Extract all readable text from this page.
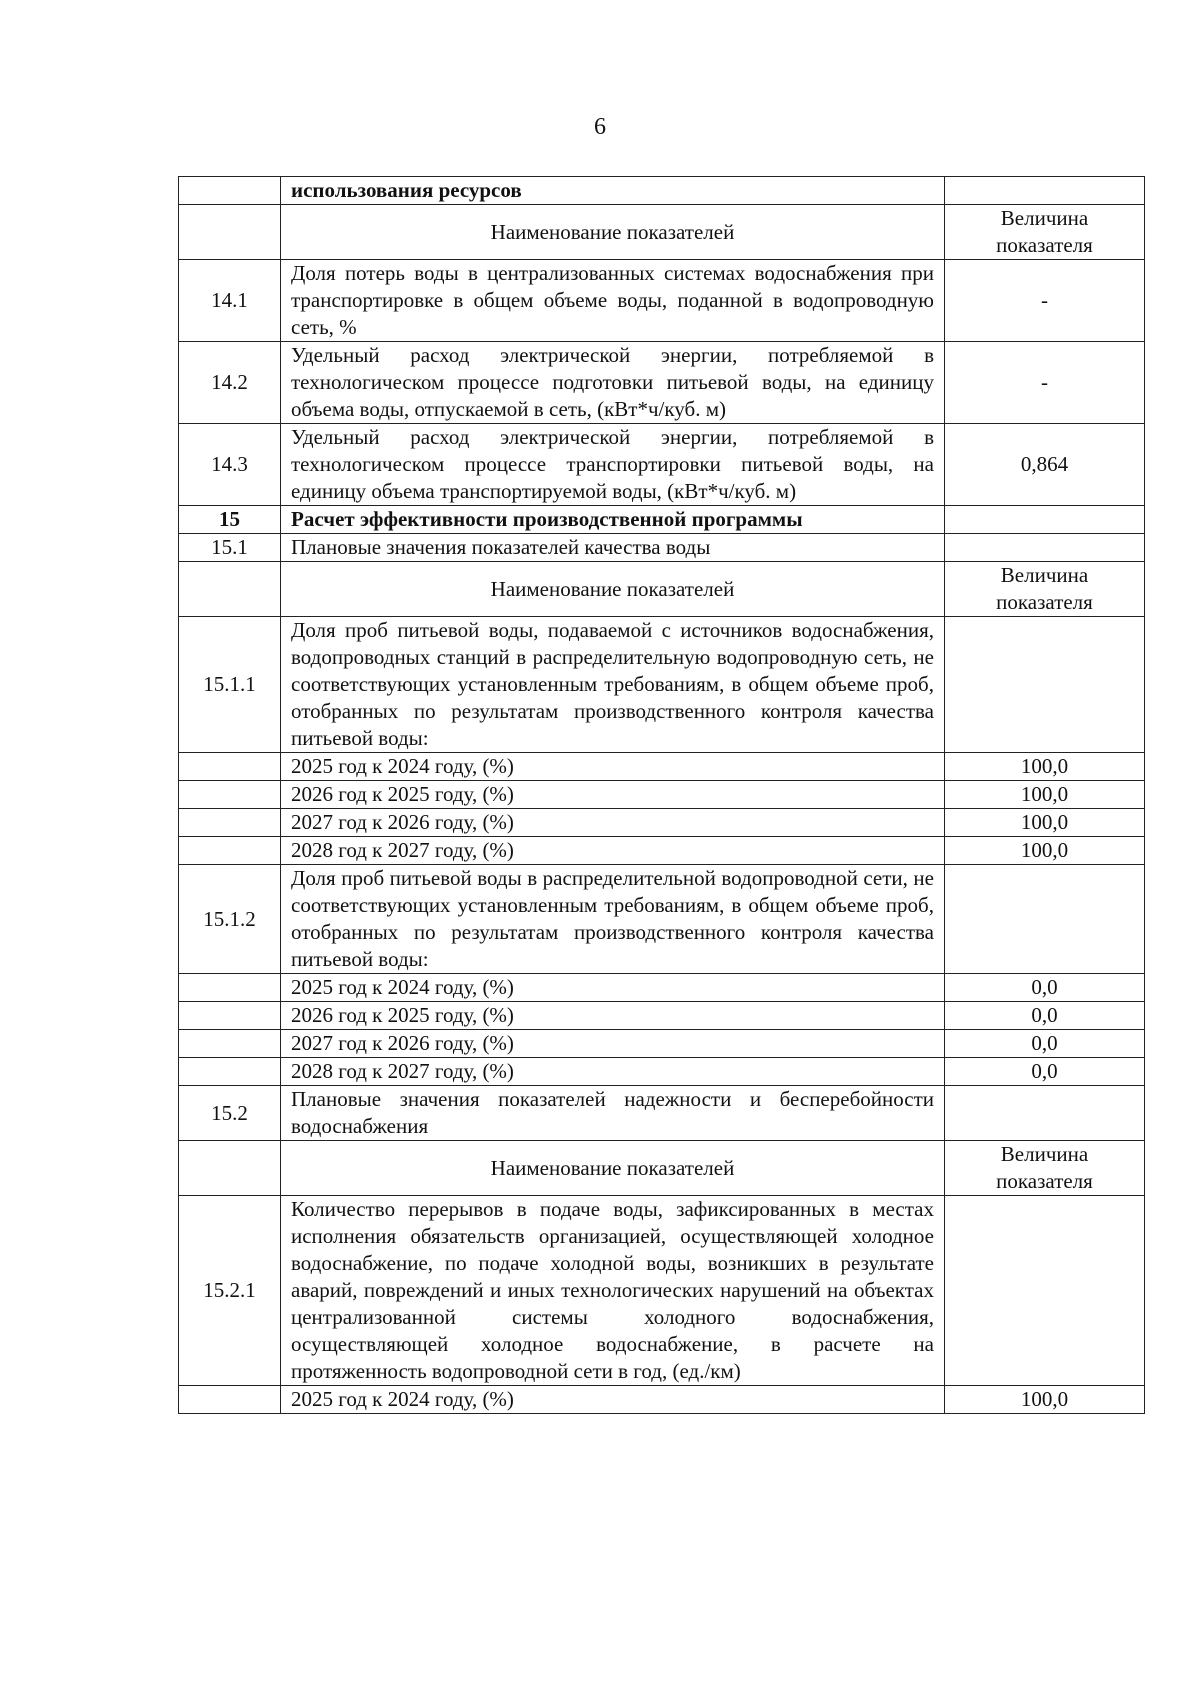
6
	использования ресурсов	
	Наименование показателей	Величина показателя
14.1	Доля потерь воды в централизованных системах водоснабжения при транспортировке в общем объеме воды, поданной в водопроводную сеть, %	-
14.2	Удельный расход электрической энергии, потребляемой в технологическом процессе подготовки питьевой воды, на единицу объема воды, отпускаемой в сеть, (кВт*ч/куб. м)	-
14.3	Удельный расход электрической энергии, потребляемой в технологическом процессе транспортировки питьевой воды, на единицу объема транспортируемой воды, (кВт*ч/куб. м)	0,864
15	Расчет эффективности производственной программы	
15.1	Плановые значения показателей качества воды	
	Наименование показателей	Величина показателя
15.1.1	Доля проб питьевой воды, подаваемой с источников водоснабжения, водопроводных станций в распределительную водопроводную сеть, не соответствующих установленным требованиям, в общем объеме проб, отобранных по результатам производственного контроля качества питьевой воды:	
	2025 год к 2024 году, (%)	100,0
	2026 год к 2025 году, (%)	100,0
	2027 год к 2026 году, (%)	100,0
	2028 год к 2027 году, (%)	100,0
15.1.2	Доля проб питьевой воды в распределительной водопроводной сети, не соответствующих установленным требованиям, в общем объеме проб, отобранных по результатам производственного контроля качества питьевой воды:	
	2025 год к 2024 году, (%)	0,0
	2026 год к 2025 году, (%)	0,0
	2027 год к 2026 году, (%)	0,0
	2028 год к 2027 году, (%)	0,0
15.2	Плановые значения показателей надежности и бесперебойности водоснабжения	
	Наименование показателей	Величина показателя
15.2.1	Количество перерывов в подаче воды, зафиксированных в местах исполнения обязательств организацией, осуществляющей холодное водоснабжение, по подаче холодной воды, возникших в результате аварий, повреждений и иных технологических нарушений на объектах централизованной системы холодного водоснабжения, осуществляющей холодное водоснабжение, в расчете на протяженность водопроводной сети в год, (ед./км)	
	2025 год к 2024 году, (%)	100,0
